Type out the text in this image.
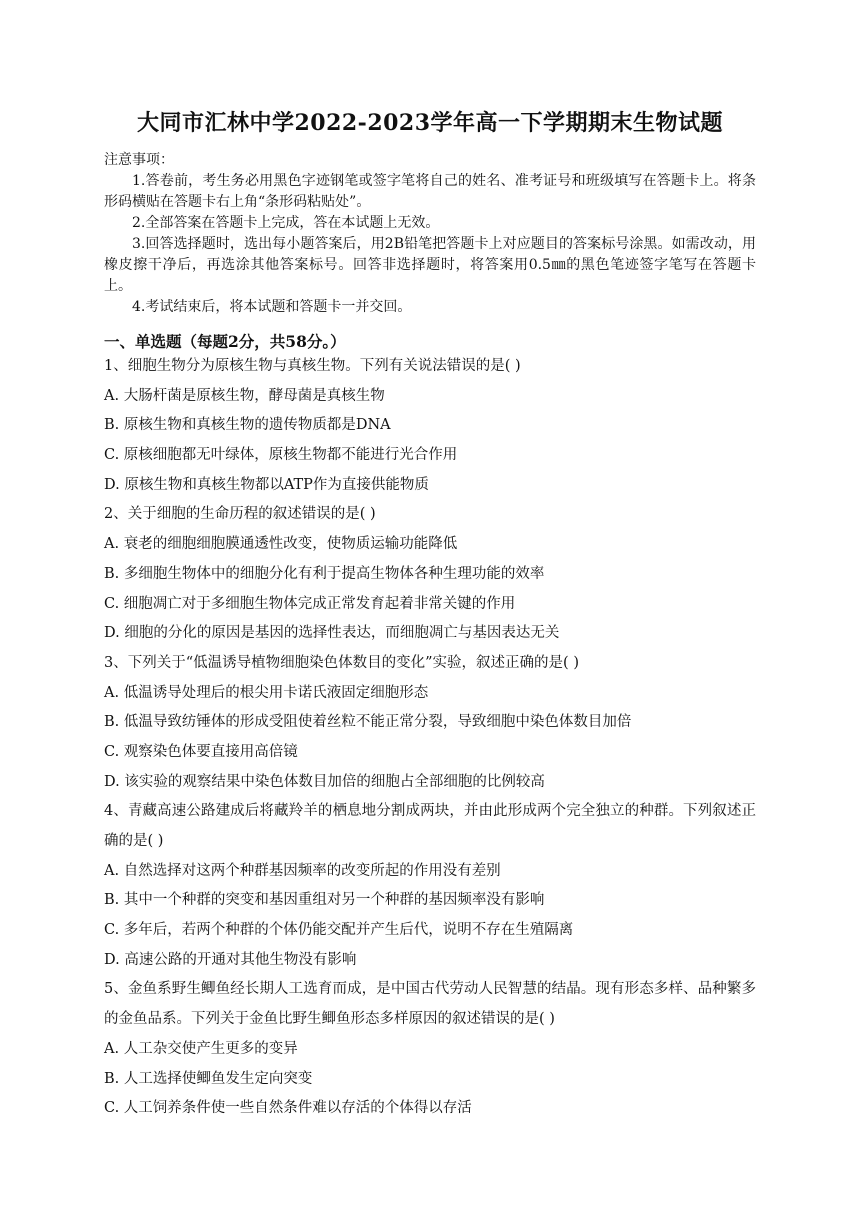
大同市汇林中学2022-2023学年高一下学期期末生物试题
注意事项：
1.答卷前，考生务必用黑色字迹钢笔或签字笔将自己的姓名、准考证号和班级填写在答题卡上。将条形码横贴在答题卡右上角“条形码粘贴处”。
2.全部答案在答题卡上完成，答在本试题上无效。
3.回答选择题时，选出每小题答案后，用2B铅笔把答题卡上对应题目的答案标号涂黑。如需改动，用橡皮擦干净后，再选涂其他答案标号。回答非选择题时，将答案用0.5㎜的黑色笔迹签字笔写在答题卡上。
4.考试结束后，将本试题和答题卡一并交回。
一、单选题（每题2分，共58分。）
1、细胞生物分为原核生物与真核生物。下列有关说法错误的是( )
A. 大肠杆菌是原核生物，酵母菌是真核生物
B. 原核生物和真核生物的遗传物质都是DNA
C. 原核细胞都无叶绿体，原核生物都不能进行光合作用
D. 原核生物和真核生物都以ATP作为直接供能物质
2、关于细胞的生命历程的叙述错误的是( )
A. 衰老的细胞细胞膜通透性改变，使物质运输功能降低
B. 多细胞生物体中的细胞分化有利于提高生物体各种生理功能的效率
C. 细胞凋亡对于多细胞生物体完成正常发育起着非常关键的作用
D. 细胞的分化的原因是基因的选择性表达，而细胞凋亡与基因表达无关
3、下列关于“低温诱导植物细胞染色体数目的变化”实验，叙述正确的是( )
A. 低温诱导处理后的根尖用卡诺氏液固定细胞形态
B. 低温导致纺锤体的形成受阻使着丝粒不能正常分裂，导致细胞中染色体数目加倍
C. 观察染色体要直接用高倍镜
D. 该实验的观察结果中染色体数目加倍的细胞占全部细胞的比例较高
4、青藏高速公路建成后将藏羚羊的栖息地分割成两块，并由此形成两个完全独立的种群。下列叙述正确的是( )
A. 自然选择对这两个种群基因频率的改变所起的作用没有差别
B. 其中一个种群的突变和基因重组对另一个种群的基因频率没有影响
C. 多年后，若两个种群的个体仍能交配并产生后代，说明不存在生殖隔离
D. 高速公路的开通对其他生物没有影响
5、金鱼系野生鲫鱼经长期人工选育而成，是中国古代劳动人民智慧的结晶。现有形态多样、品种繁多的金鱼品系。下列关于金鱼比野生鲫鱼形态多样原因的叙述错误的是( )
A. 人工杂交使产生更多的变异
B. 人工选择使鲫鱼发生定向突变
C. 人工饲养条件使一些自然条件难以存活的个体得以存活
